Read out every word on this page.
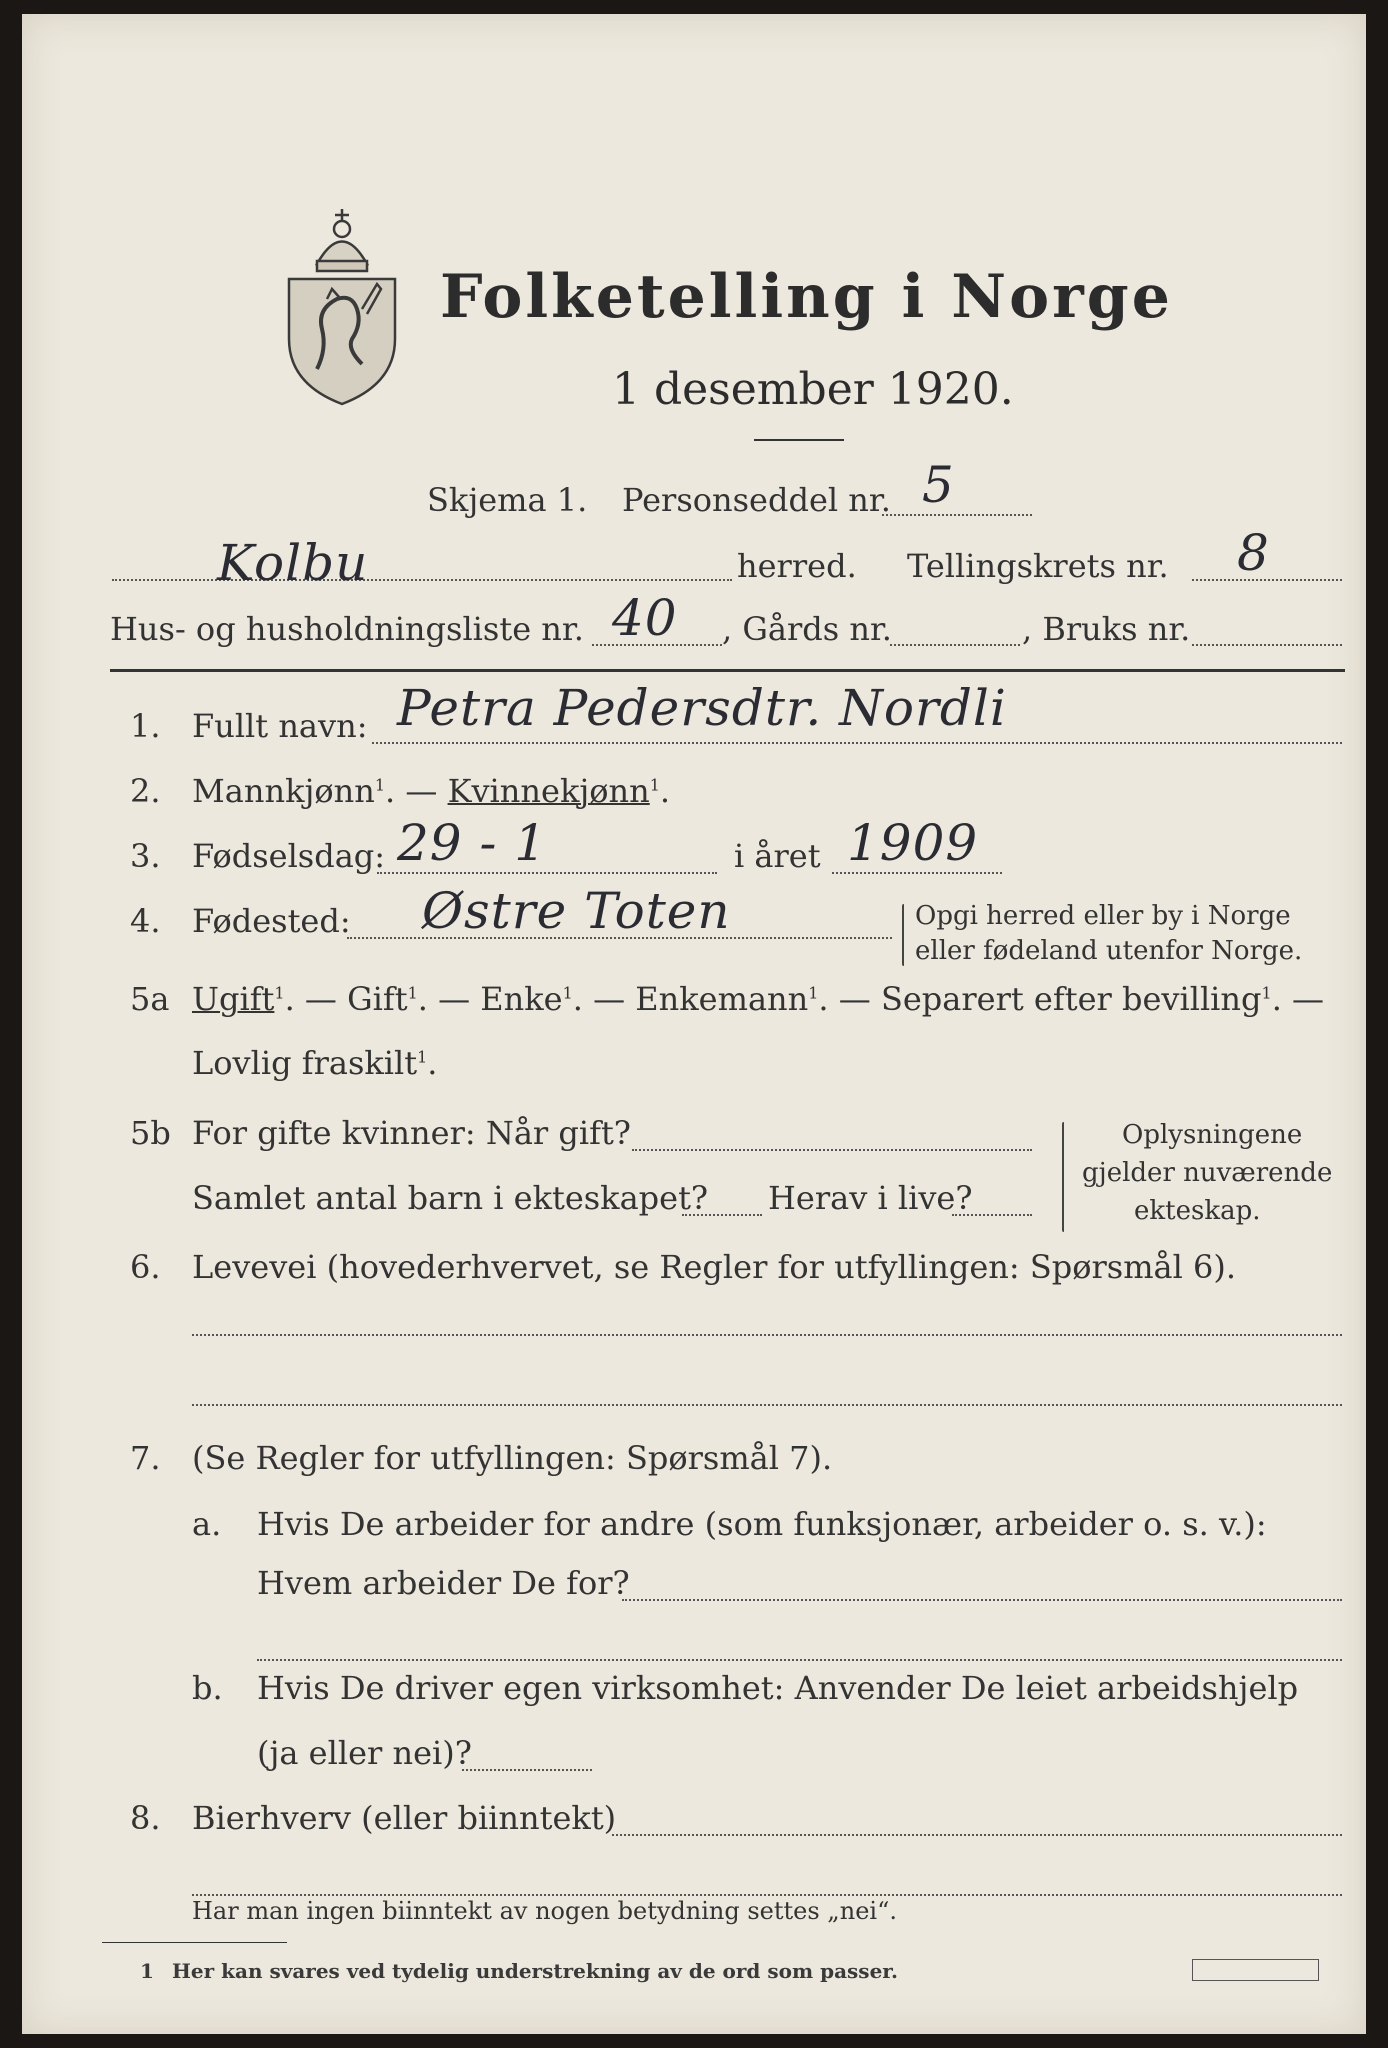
Folketelling i Norge
1 desember 1920.
Skjema 1. Personseddel nr. 5
Kolbu	herred. Tellingskrets nr. 8
Hus- og husholdningsliste nr. 40 , Gårds nr.	, Bruks nr.
1. Fullt navn: Petra Pedersdtr. Nordli
2. Mannkjønn$^1$. — Kvinnekjønn$^1$.
3. Fødselsdag: 29 - 1	i året 1909
4. Fødested: Østre Toten	Opgi herred eller by i Norge
eller fødeland utenfor Norge.
5a Ugift$^1$. — Gift$^1$. — Enke$^1$. — Enkemann$^1$. — Separert efter bevilling$^1$. —
Lovlig fraskilt$^1$.
5b For gifte kvinner: Når gift?
Samlet antal barn i ekteskapet? Herav i live?
Oplysningene
gjelder nuværende
ekteskap.
6. Levevei (hovederhvervet, se Regler for utfyllingen: Spørsmål 6).
7. (Se Regler for utfyllingen: Spørsmål 7).
a. Hvis De arbeider for andre (som funksjonær, arbeider o. s. v.):
Hvem arbeider De for?
b. Hvis De driver egen virksomhet: Anvender De leiet arbeidshjelp
(ja eller nei)?
8. Bierhverv (eller biinntekt)
Har man ingen biinntekt av nogen betydning settes „nei“.
1 Her kan svares ved tydelig understrekning av de ord som passer.
